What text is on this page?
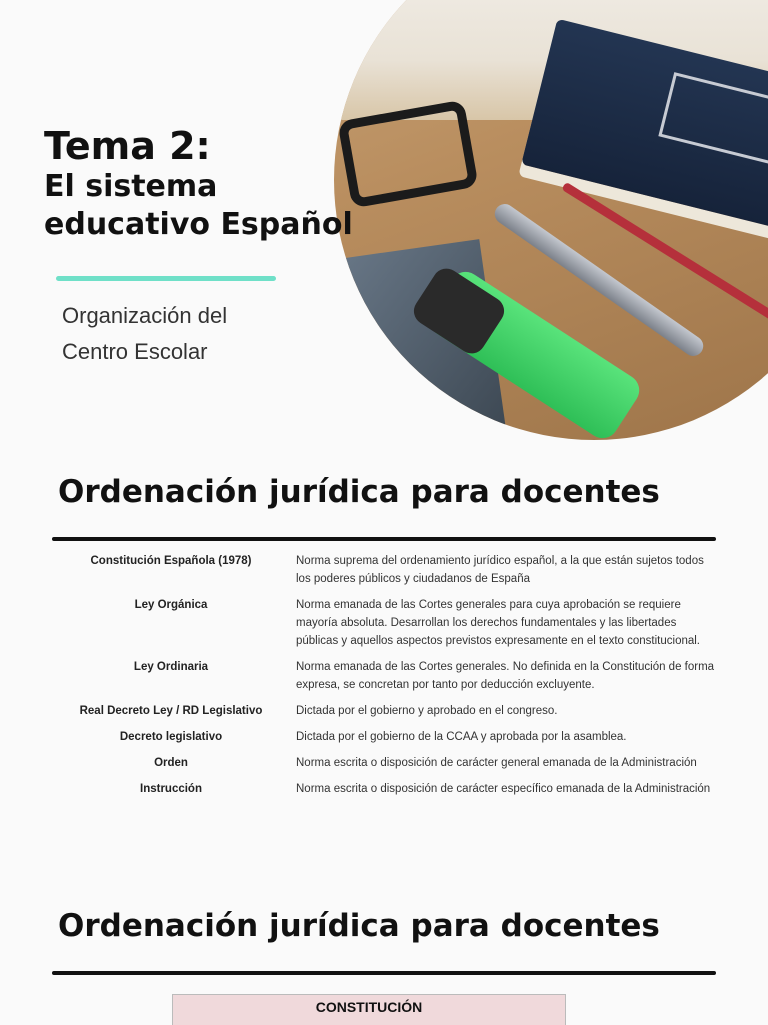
Tema 2:

El sistema

educativo Español

Organización del
Centro Escolar
Ordenación jurídica para docentes
Constitución Española (1978)	Norma suprema del ordenamiento jurídico español, a la que están sujetos todos los poderes públicos y ciudadanos de España
Ley Orgánica	Norma emanada de las Cortes generales para cuya aprobación se requiere mayoría absoluta. Desarrollan los derechos fundamentales y las libertades públicas y aquellos aspectos previstos expresamente en el texto constitucional.
Ley Ordinaria	Norma emanada de las Cortes generales. No definida en la Constitución de forma expresa, se concretan por tanto por deducción excluyente.
Real Decreto Ley / RD Legislativo	Dictada por el gobierno y aprobado en el congreso.
Decreto legislativo	Dictada por el gobierno de la CCAA y aprobada por la asamblea.
Orden	Norma escrita o disposición de carácter general emanada de la Administración
Instrucción	Norma escrita o disposición de carácter específico emanada de la Administración
Ordenación jurídica para docentes
CONSTITUCIÓN
